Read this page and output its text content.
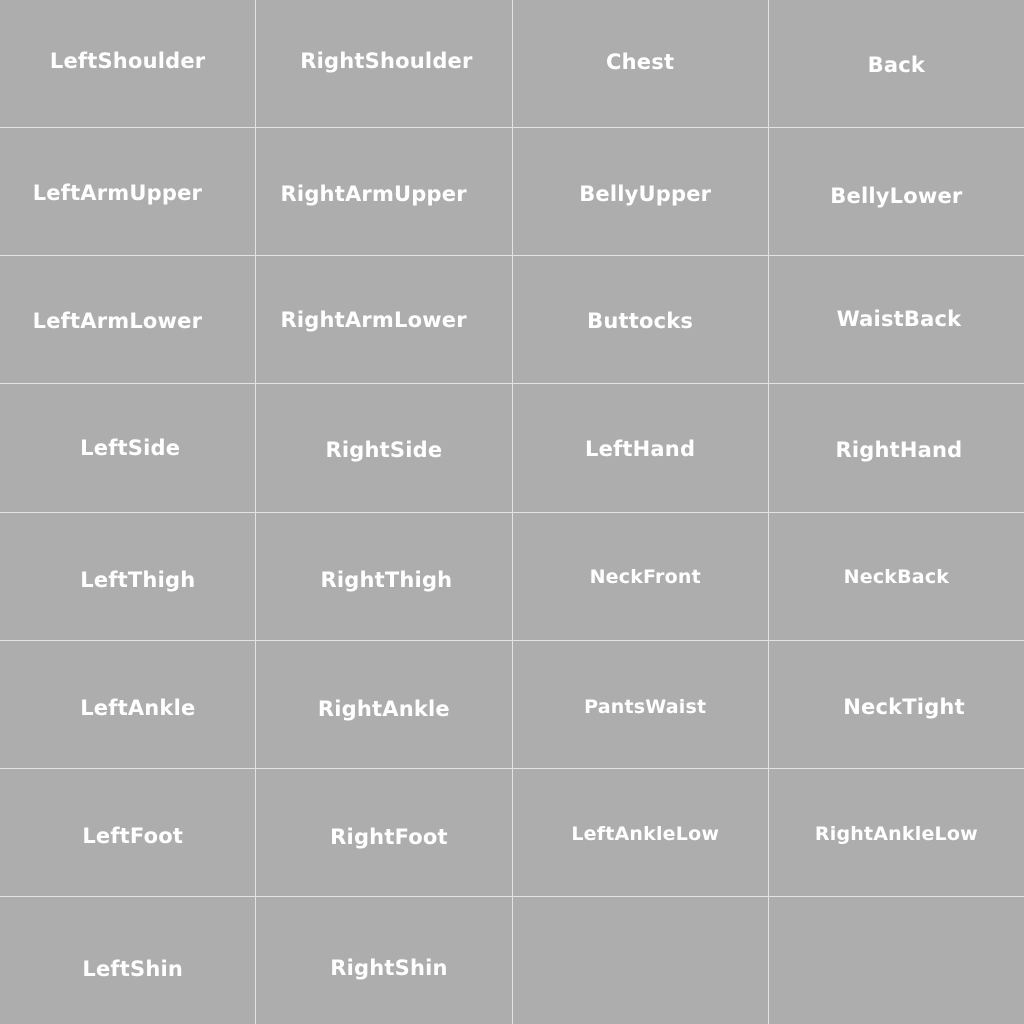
LeftShoulder	RightShoulder	Chest	Back
LeftArmUpper	RightArmUpper	BellyUpper	BellyLower
LeftArmLower	RightArmLower	Buttocks	WaistBack
LeftSide	RightSide	LeftHand	RightHand
LeftThigh	RightThigh	NeckFront	NeckBack
LeftAnkle	RightAnkle	PantsWaist	NeckTight
LeftFoot	RightFoot	LeftAnkleLow	RightAnkleLow
LeftShin	RightShin
